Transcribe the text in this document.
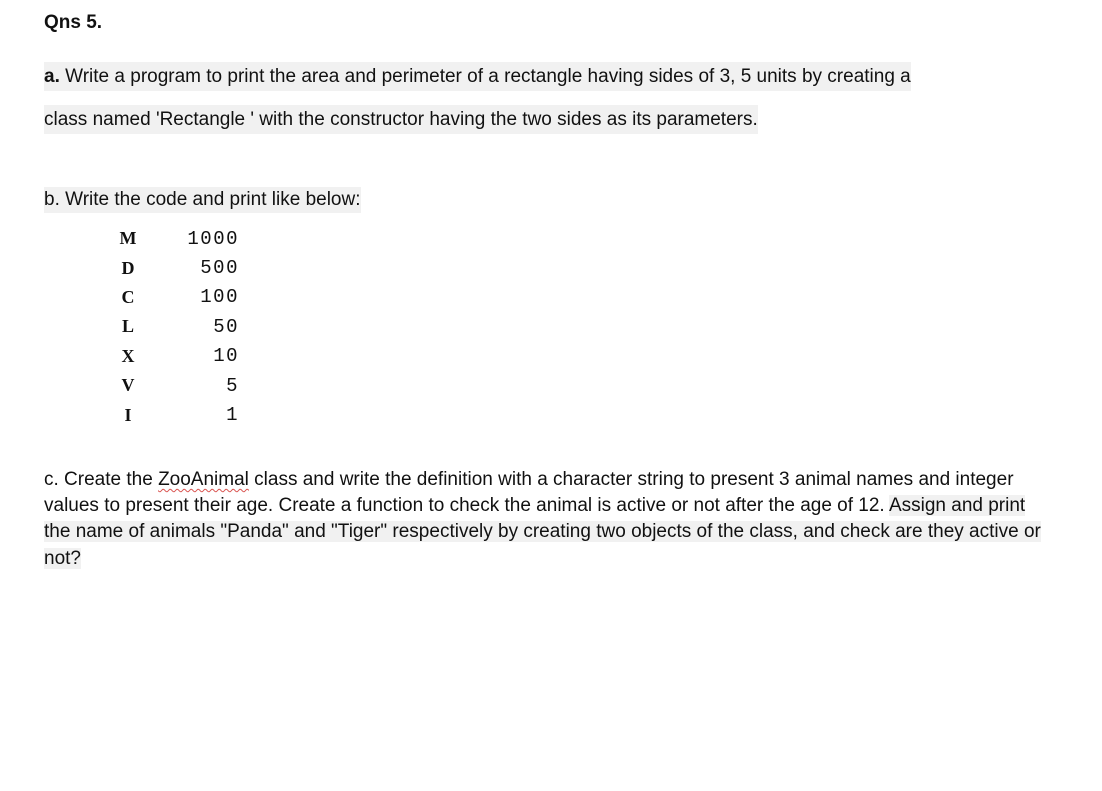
Qns 5.
a. Write a program to print the area and perimeter of a rectangle having sides of 3, 5 units by creating a
class named 'Rectangle ' with the constructor having the two sides as its parameters.
b. Write the code and print like below:
M	1000
D	500
C	100
L	50
X	10
V	5
I	1
c. Create the ZooAnimal class and write the definition with a character string to present 3 animal names and integer values to present their age. Create a function to check the animal is active or not after the age of 12. Assign and print the name of animals "Panda" and "Tiger" respectively by creating two objects of the class, and check are they active or not?
